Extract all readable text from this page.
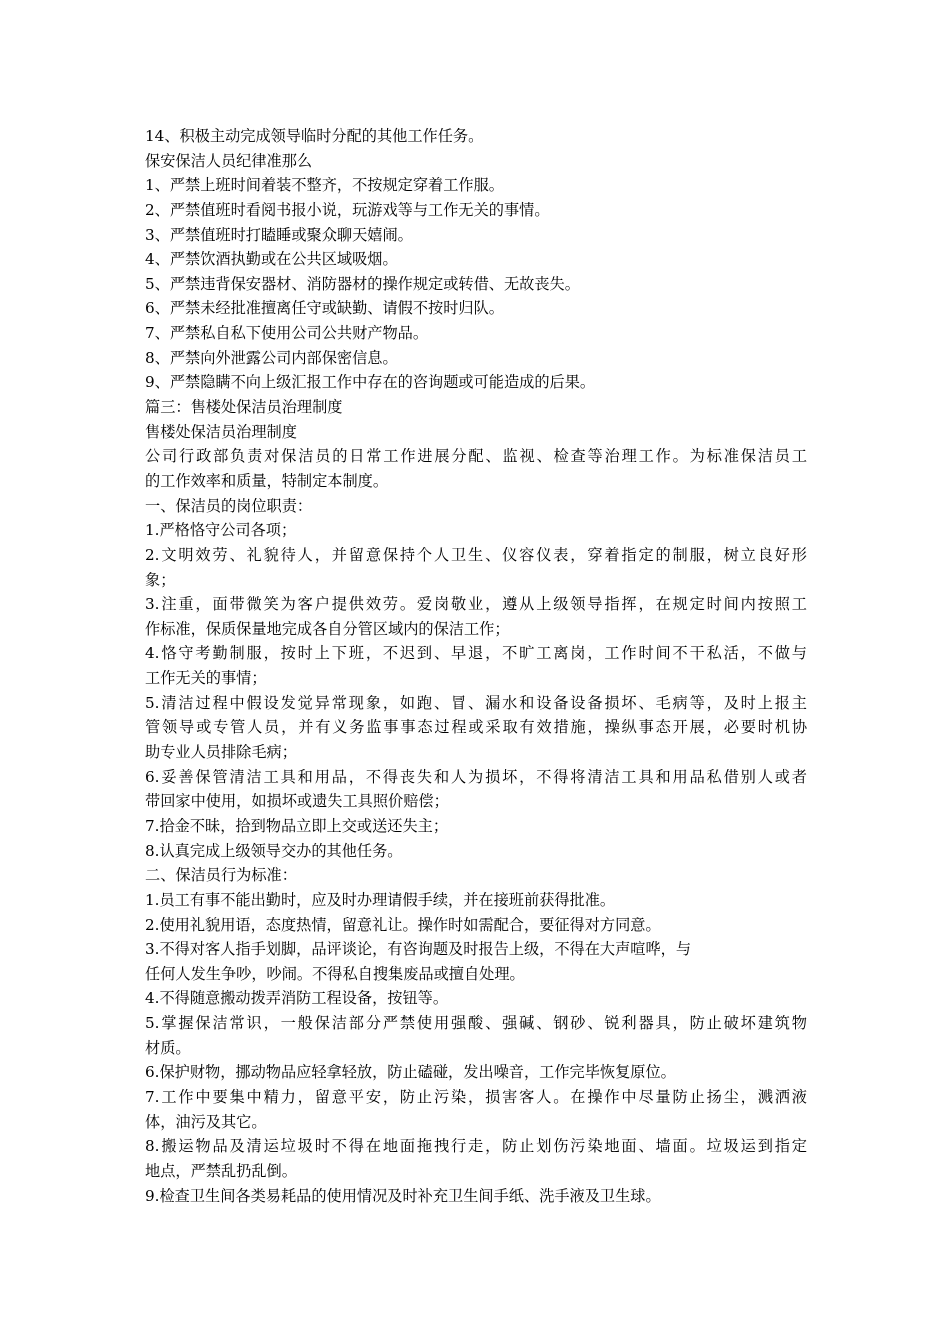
14、积极主动完成领导临时分配的其他工作任务。
保安保洁人员纪律准那么
1、严禁上班时间着装不整齐，不按规定穿着工作服。
2、严禁值班时看阅书报小说，玩游戏等与工作无关的事情。
3、严禁值班时打瞌睡或聚众聊天嬉闹。
4、严禁饮酒执勤或在公共区域吸烟。
5、严禁违背保安器材、消防器材的操作规定或转借、无故丧失。
6、严禁未经批准擅离任守或缺勤、请假不按时归队。
7、严禁私自私下使用公司公共财产物品。
8、严禁向外泄露公司内部保密信息。
9、严禁隐瞒不向上级汇报工作中存在的咨询题或可能造成的后果。
篇三：售楼处保洁员治理制度
售楼处保洁员治理制度
公司行政部负责对保洁员的日常工作进展分配、监视、检查等治理工作。为标准保洁员工
的工作效率和质量，特制定本制度。
一、保洁员的岗位职责：
1.严格恪守公司各项；
2.文明效劳、礼貌待人，并留意保持个人卫生、仪容仪表，穿着指定的制服，树立良好形
象；
3.注重，面带微笑为客户提供效劳。爱岗敬业，遵从上级领导指挥，在规定时间内按照工
作标准，保质保量地完成各自分管区域内的保洁工作；
4.恪守考勤制服，按时上下班，不迟到、早退，不旷工离岗，工作时间不干私活，不做与
工作无关的事情；
5.清洁过程中假设发觉异常现象，如跑、冒、漏水和设备设备损坏、毛病等，及时上报主
管领导或专管人员，并有义务监事事态过程或采取有效措施，操纵事态开展，必要时机协
助专业人员排除毛病；
6.妥善保管清洁工具和用品，不得丧失和人为损坏，不得将清洁工具和用品私借别人或者
带回家中使用，如损坏或遗失工具照价赔偿；
7.拾金不昧，拾到物品立即上交或送还失主；
8.认真完成上级领导交办的其他任务。
二、保洁员行为标准：
1.员工有事不能出勤时，应及时办理请假手续，并在接班前获得批准。
2.使用礼貌用语，态度热情，留意礼让。操作时如需配合，要征得对方同意。
3.不得对客人指手划脚，品评谈论，有咨询题及时报告上级，不得在大声喧哗，与
任何人发生争吵，吵闹。不得私自搜集废品或擅自处理。
4.不得随意搬动拨弄消防工程设备，按钮等。
5.掌握保洁常识，一般保洁部分严禁使用强酸、强碱、钢砂、锐利器具，防止破坏建筑物
材质。
6.保护财物，挪动物品应轻拿轻放，防止磕碰，发出噪音，工作完毕恢复原位。
7.工作中要集中精力，留意平安，防止污染，损害客人。在操作中尽量防止扬尘，溅洒液
体，油污及其它。
8.搬运物品及清运垃圾时不得在地面拖拽行走，防止划伤污染地面、墙面。垃圾运到指定
地点，严禁乱扔乱倒。
9.检查卫生间各类易耗品的使用情况及时补充卫生间手纸、洗手液及卫生球。
